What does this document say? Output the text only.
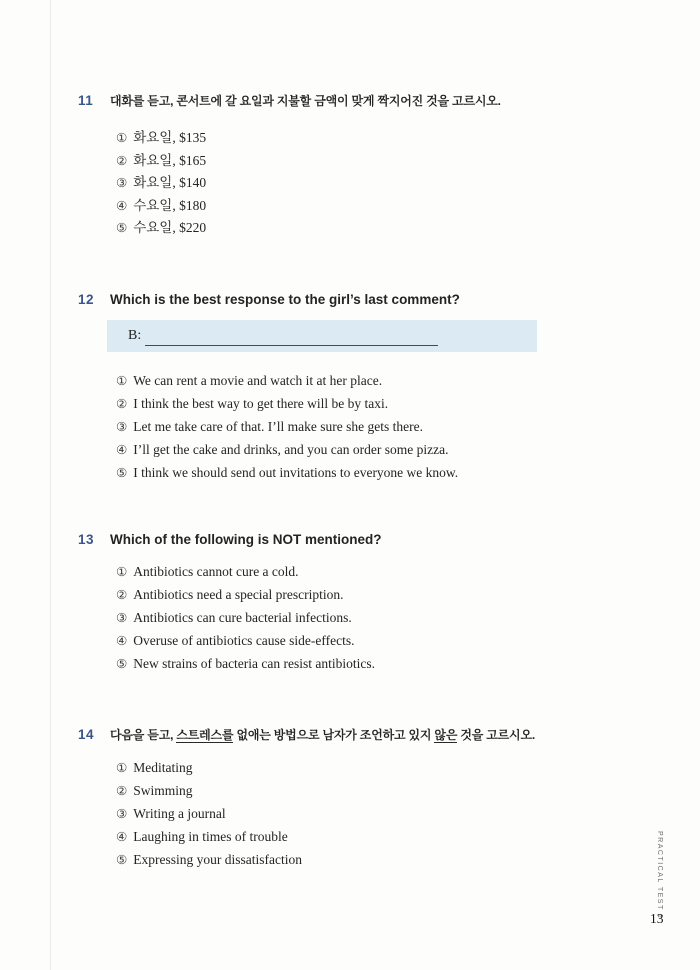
11 대화를 듣고, 콘서트에 갈 요일과 지불할 금액이 맞게 짝지어진 것을 고르시오.
① 화요일, $135
② 화요일, $165
③ 화요일, $140
④ 수요일, $180
⑤ 수요일, $220
12 Which is the best response to the girl’s last comment?
B:
① We can rent a movie and watch it at her place.
② I think the best way to get there will be by taxi.
③ Let me take care of that. I’ll make sure she gets there.
④ I’ll get the cake and drinks, and you can order some pizza.
⑤ I think we should send out invitations to everyone we know.
13 Which of the following is NOT mentioned?
① Antibiotics cannot cure a cold.
② Antibiotics need a special prescription.
③ Antibiotics can cure bacterial infections.
④ Overuse of antibiotics cause side-effects.
⑤ New strains of bacteria can resist antibiotics.
14 다음을 듣고, 스트레스를 없애는 방법으로 남자가 조언하고 있지 않은 것을 고르시오.
① Meditating
② Swimming
③ Writing a journal
④ Laughing in times of trouble
⑤ Expressing your dissatisfaction	PRACTICAL TEST 1
13
